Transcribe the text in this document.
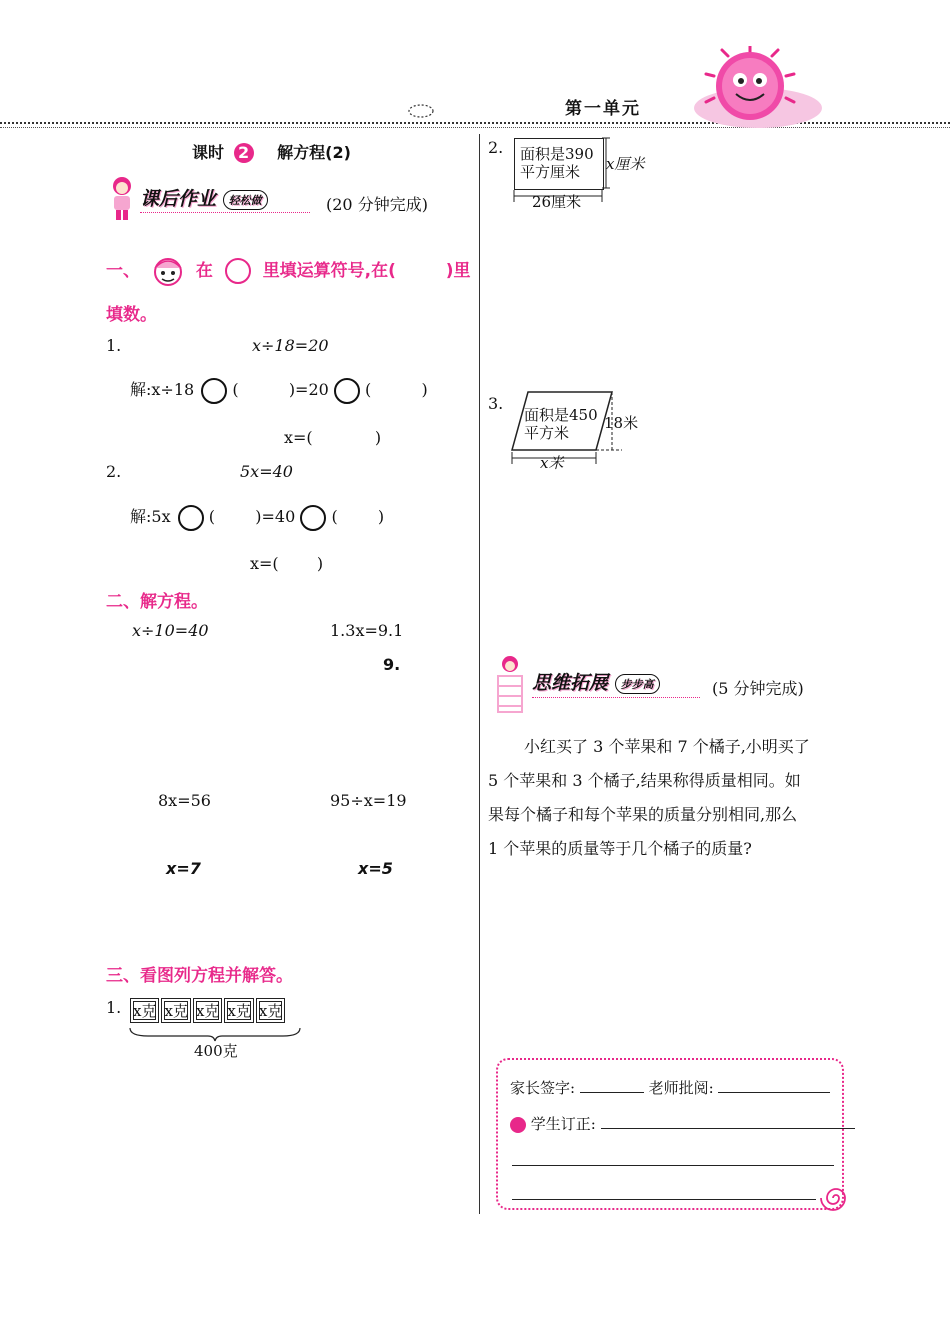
第一单元
课时 2 解方程(2)
课后作业 轻松做	(20 分钟完成)
一、	在	里填运算符号,在(	)里
填数。
1.	x÷18=20
解:x÷18 (	)=20 (	)
x=(	)
2.	5x=40
解:5x (	)=40 (	)
x=( )
二、解方程。
x÷10=40	1.3x=9.1
9.
8x=56	95÷x=19
x=7	x=5
三、看图列方程并解答。
1. x克 x克 x克 x克 x克
400克
2. 面积是390
平方厘米	x厘米
26厘米
3.
面积是450
平方米
18米
x米
思维拓展 步步高	(5 分钟完成)
小红买了 3 个苹果和 7 个橘子,小明买了
5 个苹果和 3 个橘子,结果称得质量相同。如
果每个橘子和每个苹果的质量分别相同,那么
1 个苹果的质量等于几个橘子的质量?
家长签字:	老师批阅:
学生订正:
